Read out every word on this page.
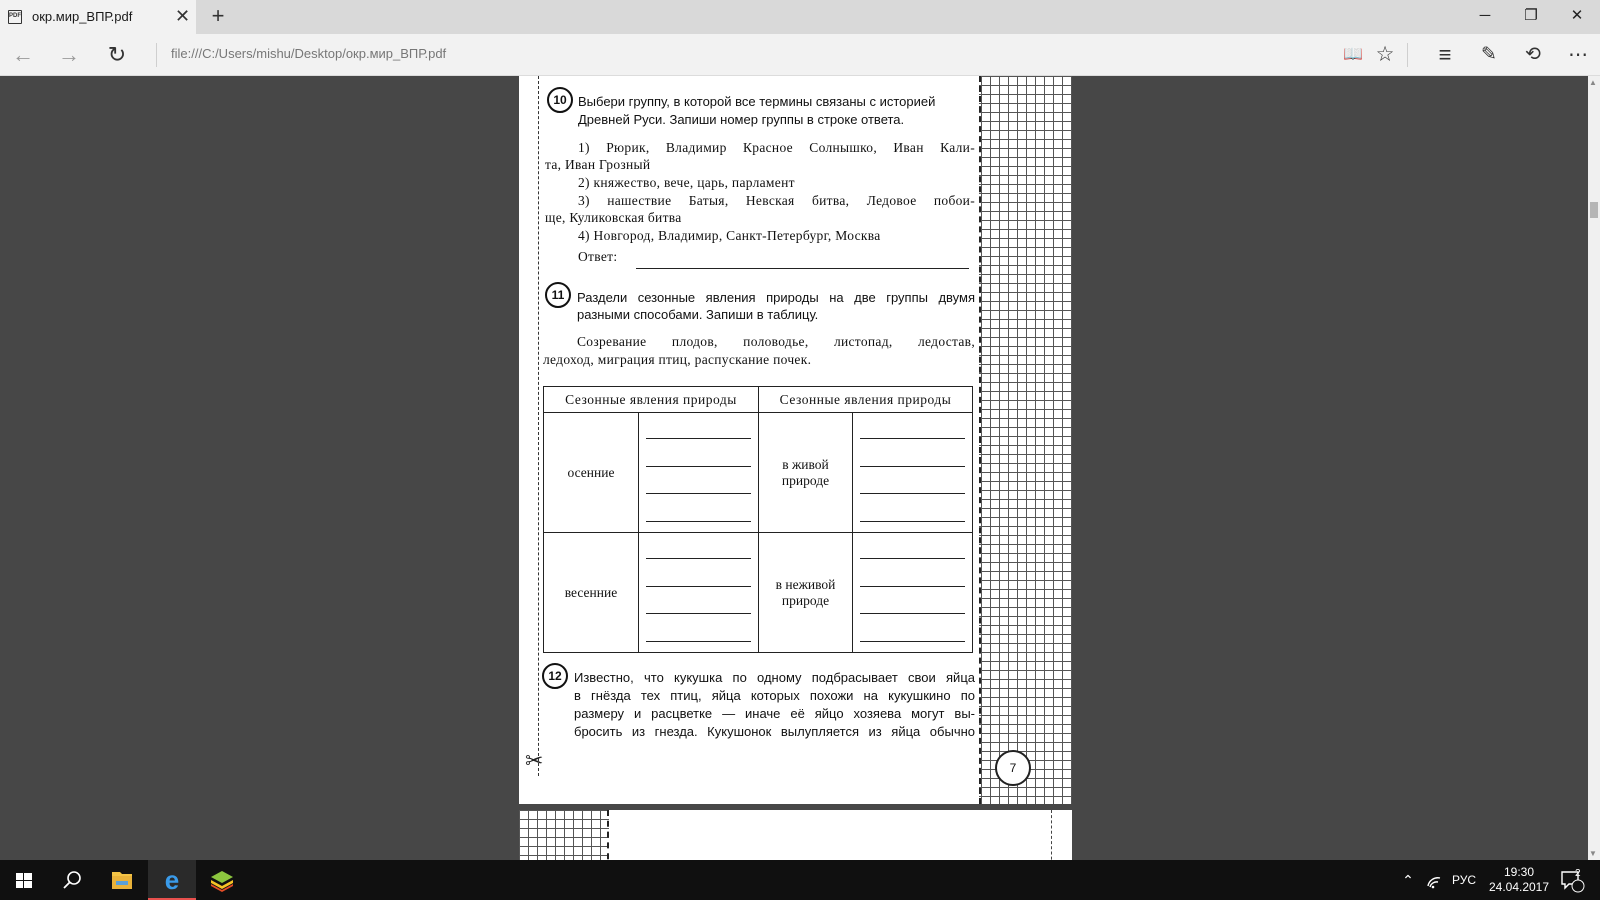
PDF окр.мир_ВПР.pdf ✕ +	─	❐	✕
←	→	↻	file:///C:/Users/mishu/Desktop/окр.мир_ВПР.pdf	📖 ☆	≡	✎	⟲	⋯
✂
10 Выбери группу, в которой все термины связаны с историей
Древней Руси. Запиши номер группы в строке ответа.
1) Рюрик, Владимир Красное Солнышко, Иван Кали-
та, Иван Грозный
2) княжество, вече, царь, парламент
3) нашествие Батыя, Невская битва, Ледовое побои-
ще, Куликовская битва
4) Новгород, Владимир, Санкт-Петербург, Москва
Ответ:
11 Раздели сезонные явления природы на две группы двумя
разными способами. Запиши в таблицу.
Созревание плодов, половодье, листопад, ледостав,
ледоход, миграция птиц, распускание почек.
Сезонные явления природы		Сезонные явления природы	
осенние		в живой
природе	

весенние		в неживой
природе	

12 Известно, что кукушка по одному подбрасывает свои яйца
в гнёзда тех птиц, яйца которых похожи на кукушкино по
размеру и расцветке — иначе её яйцо хозяева могут вы-
бросить из гнезда. Кукушонок вылупляется из яйца обычно
7
▲
▼
e	⌃	РУС
19:30
24.04.2017
2
